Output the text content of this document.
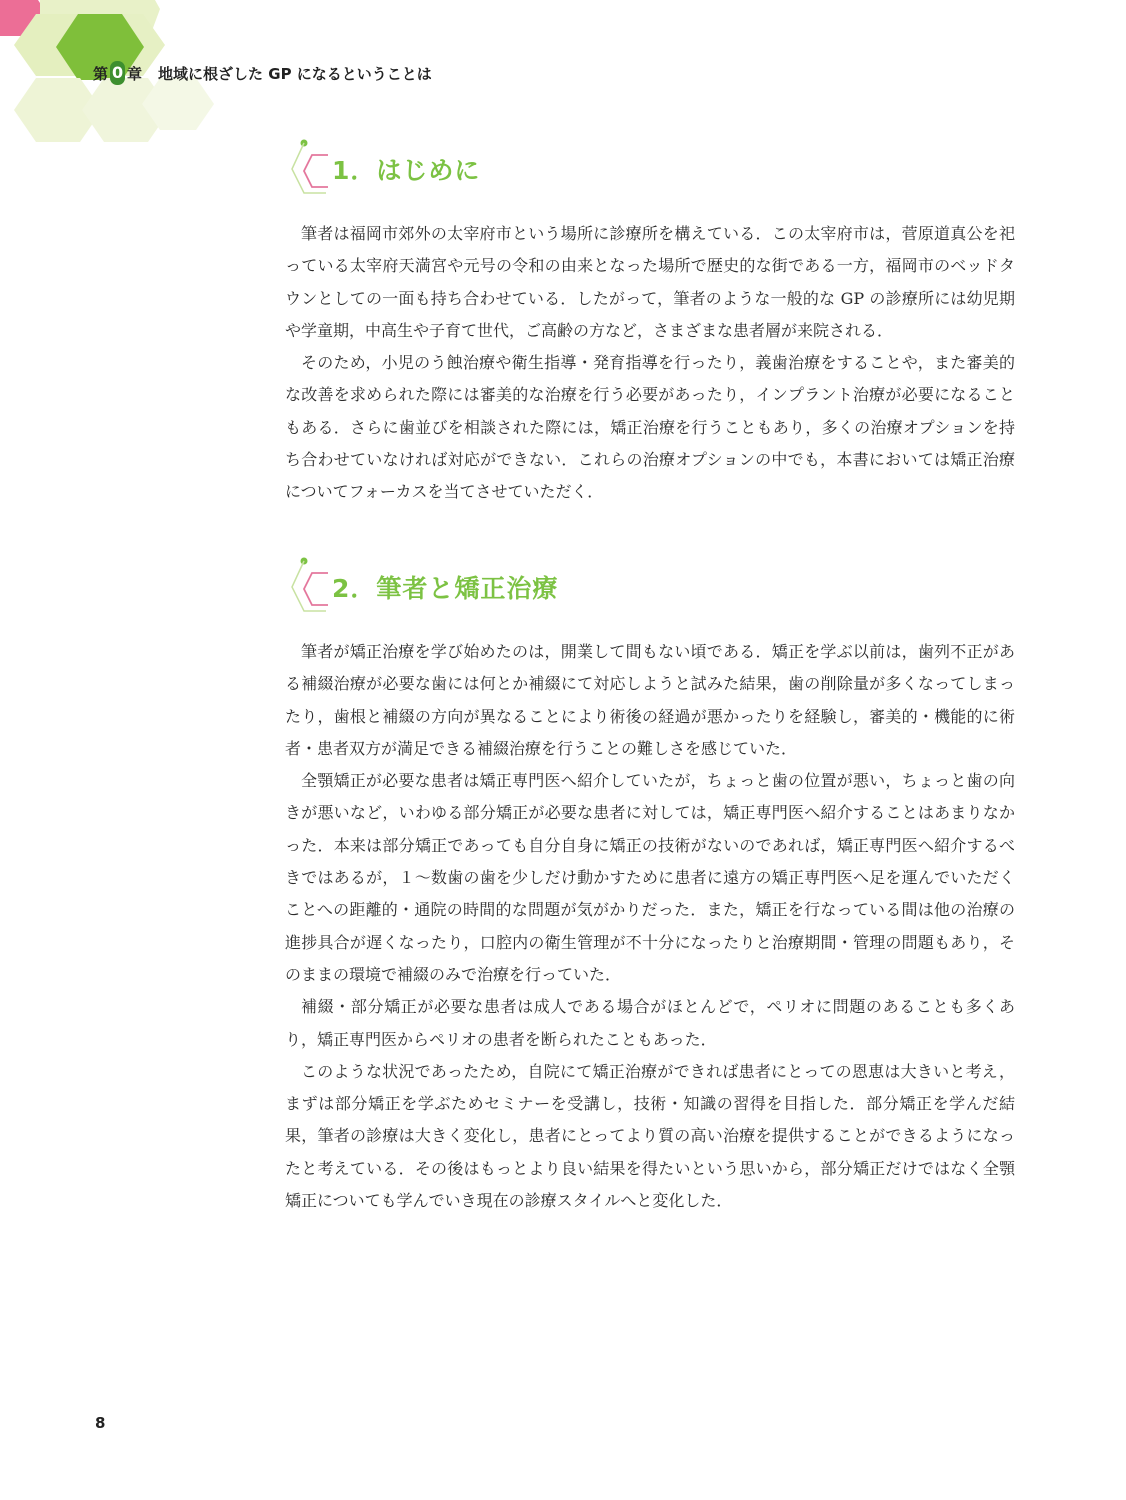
第 0 章 地域に根ざした GP になるということは
1．はじめに

筆者は福岡市郊外の太宰府市という場所に診療所を構えている．この太宰府市は，菅原道真公を祀っている太宰府天満宮や元号の令和の由来となった場所で歴史的な街である一方，福岡市のベッドタウンとしての一面も持ち合わせている．したがって，筆者のような一般的な GP の診療所には幼児期や学童期，中高生や子育て世代，ご高齢の方など，さまざまな患者層が来院される．

そのため，小児のう蝕治療や衛生指導・発育指導を行ったり，義歯治療をすることや，また審美的な改善を求められた際には審美的な治療を行う必要があったり，インプラント治療が必要になることもある．さらに歯並びを相談された際には，矯正治療を行うこともあり，多くの治療オプションを持ち合わせていなければ対応ができない．これらの治療オプションの中でも，本書においては矯正治療についてフォーカスを当てさせていただく．

2．筆者と矯正治療

筆者が矯正治療を学び始めたのは，開業して間もない頃である．矯正を学ぶ以前は，歯列不正がある補綴治療が必要な歯には何とか補綴にて対応しようと試みた結果，歯の削除量が多くなってしまったり，歯根と補綴の方向が異なることにより術後の経過が悪かったりを経験し，審美的・機能的に術者・患者双方が満足できる補綴治療を行うことの難しさを感じていた．

全顎矯正が必要な患者は矯正専門医へ紹介していたが，ちょっと歯の位置が悪い，ちょっと歯の向きが悪いなど，いわゆる部分矯正が必要な患者に対しては，矯正専門医へ紹介することはあまりなかった．本来は部分矯正であっても自分自身に矯正の技術がないのであれば，矯正専門医へ紹介するべきではあるが，１〜数歯の歯を少しだけ動かすために患者に遠方の矯正専門医へ足を運んでいただくことへの距離的・通院の時間的な問題が気がかりだった．また，矯正を行なっている間は他の治療の進捗具合が遅くなったり，口腔内の衛生管理が不十分になったりと治療期間・管理の問題もあり，そのままの環境で補綴のみで治療を行っていた．

補綴・部分矯正が必要な患者は成人である場合がほとんどで，ペリオに問題のあることも多くあり，矯正専門医からペリオの患者を断られたこともあった．

このような状況であったため，自院にて矯正治療ができれば患者にとっての恩恵は大きいと考え，まずは部分矯正を学ぶためセミナーを受講し，技術・知識の習得を目指した．部分矯正を学んだ結果，筆者の診療は大きく変化し，患者にとってより質の高い治療を提供することができるようになったと考えている．その後はもっとより良い結果を得たいという思いから，部分矯正だけではなく全顎矯正についても学んでいき現在の診療スタイルへと変化した．

8
